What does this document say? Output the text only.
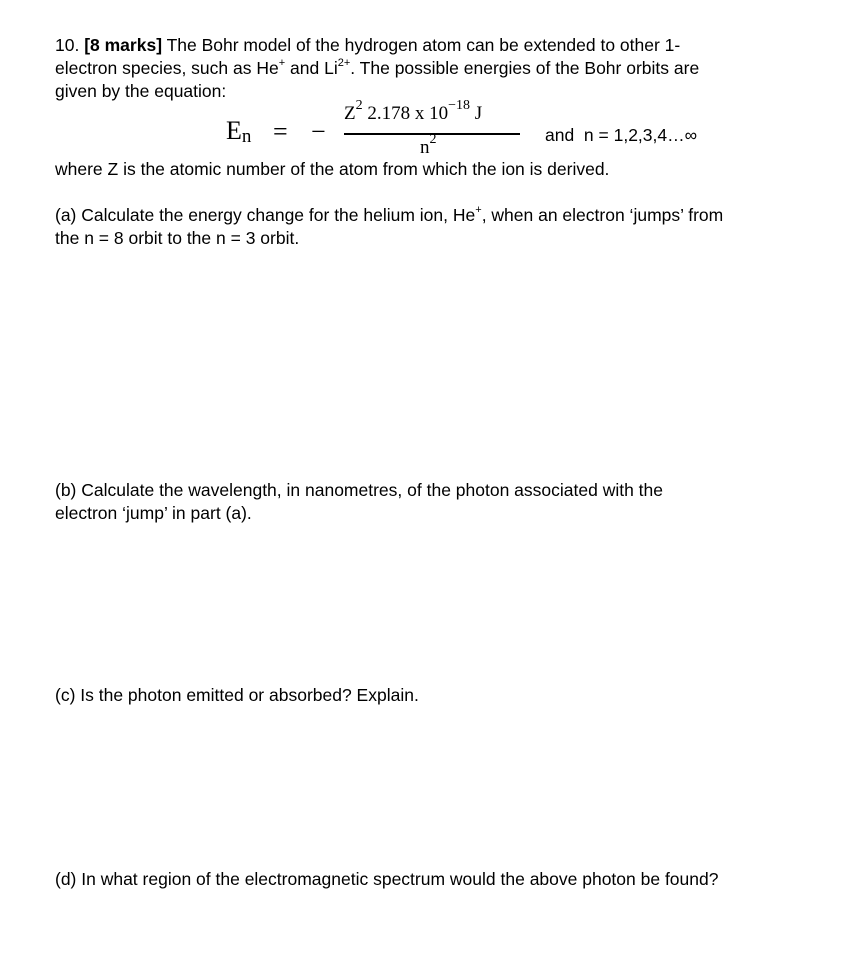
10. [8 marks] The Bohr model of the hydrogen atom can be extended to other 1-
electron species, such as He+ and $Li^{2+}$. The possible energies of the Bohr orbits are
given by the equation:
$E_n$ = −
$Z^2$ 2.178 x $10^{-18}$ J
$n^2$	and  n = 1,2,3,4…∞
where Z is the atomic number of the atom from which the ion is derived.
(a) Calculate the energy change for the helium ion, He+, when an electron ‘jumps’ from
the n = 8 orbit to the n = 3 orbit.
(b) Calculate the wavelength, in nanometres, of the photon associated with the
electron ‘jump’ in part (a).
(c) Is the photon emitted or absorbed? Explain.
(d) In what region of the electromagnetic spectrum would the above photon be found?
